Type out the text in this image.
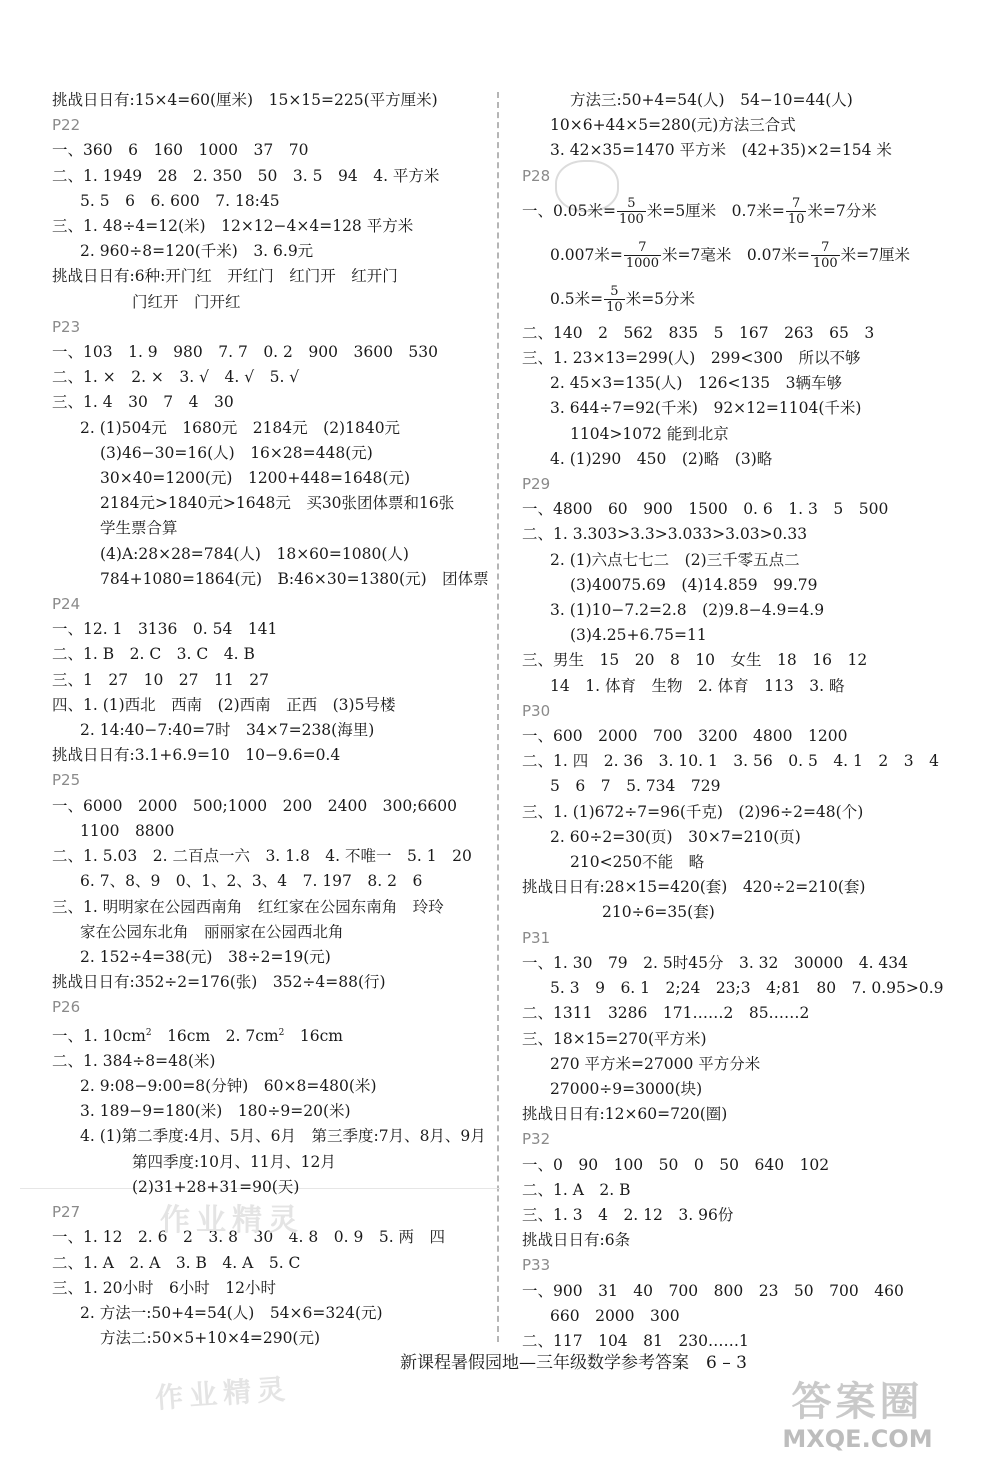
挑战日日有:15×4=60(厘米)　15×15=225(平方厘米)
P22
一、360　6　160　1000　37　70
二、1. 1949　28　2. 350　50　3. 5　94　4. 平方米
5. 5　6　6. 600　7. 18:45
三、1. 48÷4=12(米)　12×12−4×4=128 平方米
2. 960÷8=120(千米)　3. 6.9元
挑战日日有:6种:开门红　开红门　红门开　红开门
门红开　门开红
P23
一、103　1. 9　980　7. 7　0. 2　900　3600　530
二、1. ×　2. ×　3. √　4. √　5. √
三、1. 4　30　7　4　30
2. (1)504元　1680元　2184元　(2)1840元
(3)46−30=16(人)　16×28=448(元)
30×40=1200(元)　1200+448=1648(元)
2184元>1840元>1648元　买30张团体票和16张
学生票合算
(4)A:28×28=784(人)　18×60=1080(人)
784+1080=1864(元)　B:46×30=1380(元)　团体票
P24
一、12. 1　3136　0. 54　141
二、1. B　2. C　3. C　4. B
三、1　27　10　27　11　27
四、1. (1)西北　西南　(2)西南　正西　(3)5号楼
2. 14:40−7:40=7时　34×7=238(海里)
挑战日日有:3.1+6.9=10　10−9.6=0.4
P25
一、6000　2000　500;1000　200　2400　300;6600
1100　8800
二、1. 5.03　2. 二百点一六　3. 1.8　4. 不唯一　5. 1　20
6. 7、8、9　0、1、2、3、4　7. 197　8. 2　6
三、1. 明明家在公园西南角　红红家在公园东南角　玲玲
家在公园东北角　丽丽家在公园西北角
2. 152÷4=38(元)　38÷2=19(元)
挑战日日有:352÷2=176(张)　352÷4=88(行)
P26
一、1. $10cm^2$　16cm　2. $7cm^2$　16cm
二、1. 384÷8=48(米)
2. 9:08−9:00=8(分钟)　60×8=480(米)
3. 189−9=180(米)　180÷9=20(米)
4. (1)第二季度:4月、5月、6月　第三季度:7月、8月、9月
第四季度:10月、11月、12月
(2)31+28+31=90(天)
P27
一、1. 12　2. 6　2　3. 8　30　4. 8　0. 9　5. 两　四
二、1. A　2. A　3. B　4. A　5. C
三、1. 20小时　6小时　12小时
2. 方法一:50+4=54(人)　54×6=324(元)
方法二:50×5+10×4=290(元)
方法三:50+4=54(人)　54−10=44(人)
10×6+44×5=280(元)方法三合式
3. 42×35=1470 平方米　(42+35)×2=154 米
P28
一、0.05米= $\frac{5}{100}$ 米=5厘米　0.7米= $\frac{7}{10}$ 米=7分米
0.007米= $\frac{7}{1000}$ 米=7毫米　0.07米= $\frac{7}{100}$ 米=7厘米
0.5米= $\frac{5}{10}$ 米=5分米
二、140　2　562　835　5　167　263　65　3
三、1. 23×13=299(人)　299<300　所以不够
2. 45×3=135(人)　126<135　3辆车够
3. 644÷7=92(千米)　92×12=1104(千米)
1104>1072 能到北京
4. (1)290　450　(2)略　(3)略
P29
一、4800　60　900　1500　0. 6　1. 3　5　500
二、1. 3.303>3.3>3.033>3.03>0.33
2. (1)六点七七二　(2)三千零五点二
(3)40075.69　(4)14.859　99.79
3. (1)10−7.2=2.8　(2)9.8−4.9=4.9
(3)4.25+6.75=11
三、男生　15　20　8　10　女生　18　16　12
14　1. 体育　生物　2. 体育　113　3. 略
P30
一、600　2000　700　3200　4800　1200
二、1. 四　2. 36　3. 10. 1　3. 56　0. 5　4. 1　2　3　4
5　6　7　5. 734　729
三、1. (1)672÷7=96(千克)　(2)96÷2=48(个)
2. 60÷2=30(页)　30×7=210(页)
210<250不能　略
挑战日日有:28×15=420(套)　420÷2=210(套)
210÷6=35(套)
P31
一、1. 30　79　2. 5时45分　3. 32　30000　4. 434
5. 3　9　6. 1　2;24　23;3　4;81　80　7. 0.95>0.9
二、1311　3286　171……2　85……2
三、18×15=270(平方米)
270 平方米=27000 平方分米
27000÷9=3000(块)
挑战日日有:12×60=720(圈)
P32
一、0　90　100　50　0　50　640　102
二、1. A　2. B
三、1. 3　4　2. 12　3. 96份
挑战日日有:6条
P33
一、900　31　40　700　800　23　50　700　460
660　2000　300
二、117　104　81　230……1
作业精灵
作业精灵
新课程暑假园地—三年级数学参考答案　6 – 3
答案圈
MXQE.COM
